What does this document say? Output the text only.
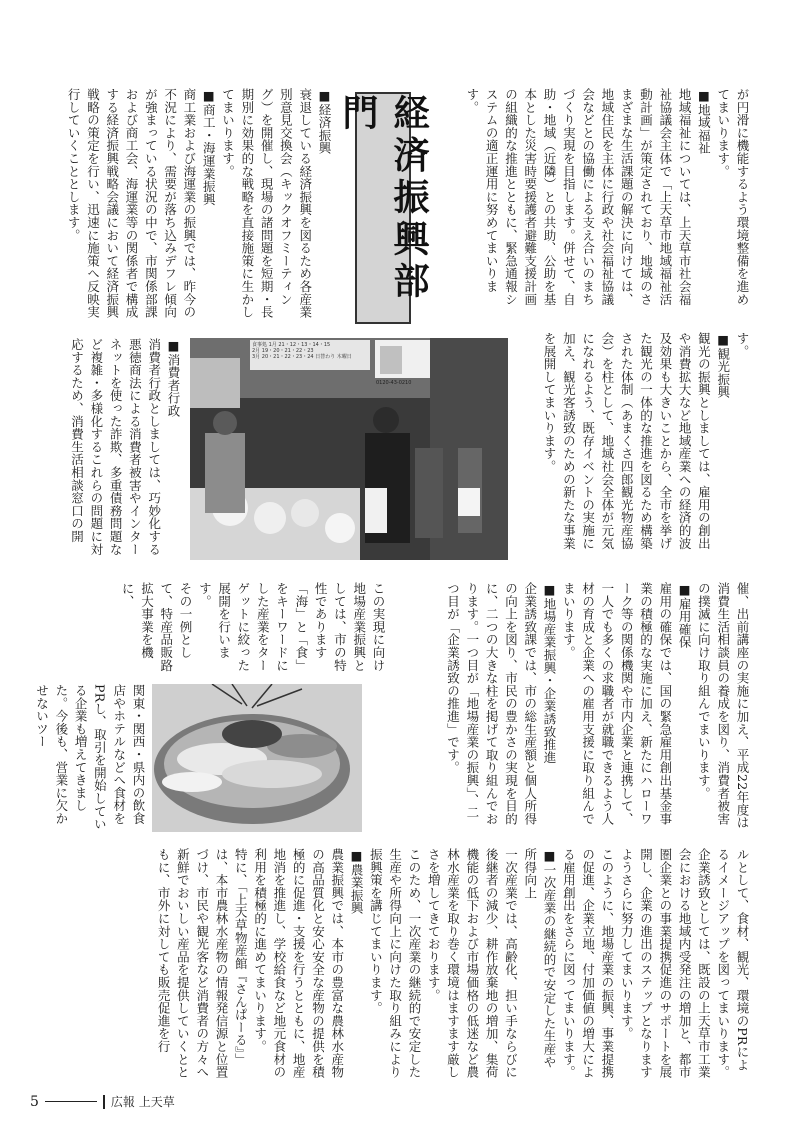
が円滑に機能するよう環境整備を進めてまいります。
■地域福祉
地域福祉については、上天草市社会福祉協議会主体で「上天草市地域福祉活動計画」が策定されており、地域のさまざまな生活課題の解決に向けては、地域住民を主体に行政や社会福祉協議会などとの協働による支え合いのまちづくり実現を目指します。併せて、自助・地域（近隣）との共助、公助を基本とした災害時要援護者避難支援計画の組織的な推進とともに、緊急通報システムの適正運用に努めてまいります。
経済振興部門
■経済振興
衰退している経済振興を図るため各産業別意見交換会（キックオフミーティング）を開催し、現場の諸問題を短期・長期別に効果的な戦略を直接施策に生かしてまいります。
■商工・海運業振興
商工業および海運業の振興では、昨今の不況により、需要が落ち込みデフレ傾向が強まっている状況の中で、市関係部課および商工会、海運業等の関係者で構成する経済振興戦略会議において経済振興戦略の策定を行い、迅速に施策へ反映実行していくこととします。
す。
■観光振興
観光の振興としましては、雇用の創出や消費拡大など地域産業への経済的波及効果も大きいことから、全市を挙げた観光の一体的な推進を図るため構築された体制（あまくさ四郎観光物産協会）を柱として、地域社会全体が元気になれるよう、既存イベントの実施に加え、観光客誘致のための新たな事業を展開してまいります。
食事処 1月 21・12・13・14・15
2月 19・20・21・22・23
3月 20・21・22・23・24 日替わり 木曜日
0120-43-0210
■消費者行政
消費者行政としましては、巧妙化する悪徳商法による消費者被害やインターネットを使った詐欺、多重債務問題など複雑・多様化するこれらの問題に対応するため、消費生活相談窓口の開
催、出前講座の実施に加え、平成22年度は消費生活相談員の養成を図り、消費者被害の撲滅に向け取り組んでまいります。
■雇用確保
雇用の確保では、国の緊急雇用創出基金事業の積極的な実施に加え、新たにハローワーク等の関係機関や市内企業と連携して、一人でも多くの求職者が就職できるよう人材の育成と企業への雇用支援に取り組んでまいります。
■地場産業振興・企業誘致推進
企業誘致課では、市の総生産額と個人所得の向上を図り、市民の豊かさの実現を目的に、二つの大きな柱を掲げて取り組んでおります。一つ目が「地場産業の振興」、二つ目が「企業誘致の推進」です。
この実現に向け地場産業振興としては、市の特性であります「海」と「食」をキーワードにした産業をターゲットに絞った展開を行います。
その一例として、特産品販路拡大事業を機に、
関東・関西・県内の飲食店やホテルなどへ食材をPRし、取引を開始している企業も増えてきました。今後も、営業に欠かせないツー
ルとして、食材、観光、環境のPRによるイメージアップを図ってまいります。
企業誘致としては、既設の上天草市工業会における地域内受発注の増加と、都市圏企業との事業提携促進のサポートを展開し、企業の進出のステップとなりますようさらに努力してまいります。
このように、地場産業の振興、事業提携の促進、企業立地、付加価値の増大による雇用創出をさらに図ってまいります。
■一次産業の継続的で安定した生産や所得向上
一次産業では、高齢化、担い手ならびに後継者の減少、耕作放棄地の増加、集荷機能の低下および市場価格の低迷など農林水産業を取り巻く環境はますます厳しさを増してきております。
このため、一次産業の継続的で安定した生産や所得向上に向けた取り組みにより振興策を講じてまいります。
■農業振興
農業振興では、本市の豊富な農林水産物の高品質化と安心安全な産物の提供を積極的に促進・支援を行うとともに、地産地消を推進し、学校給食など地元食材の利用を積極的に進めてまいります。
特に、「上天草物産館『さんぱーる』」は、本市農林水産物の情報発信源と位置づけ、市民や観光客など消費者の方々へ新鮮でおいしい産品を提供していくとともに、市外に対しても販売促進を行
5	広報 上天草
